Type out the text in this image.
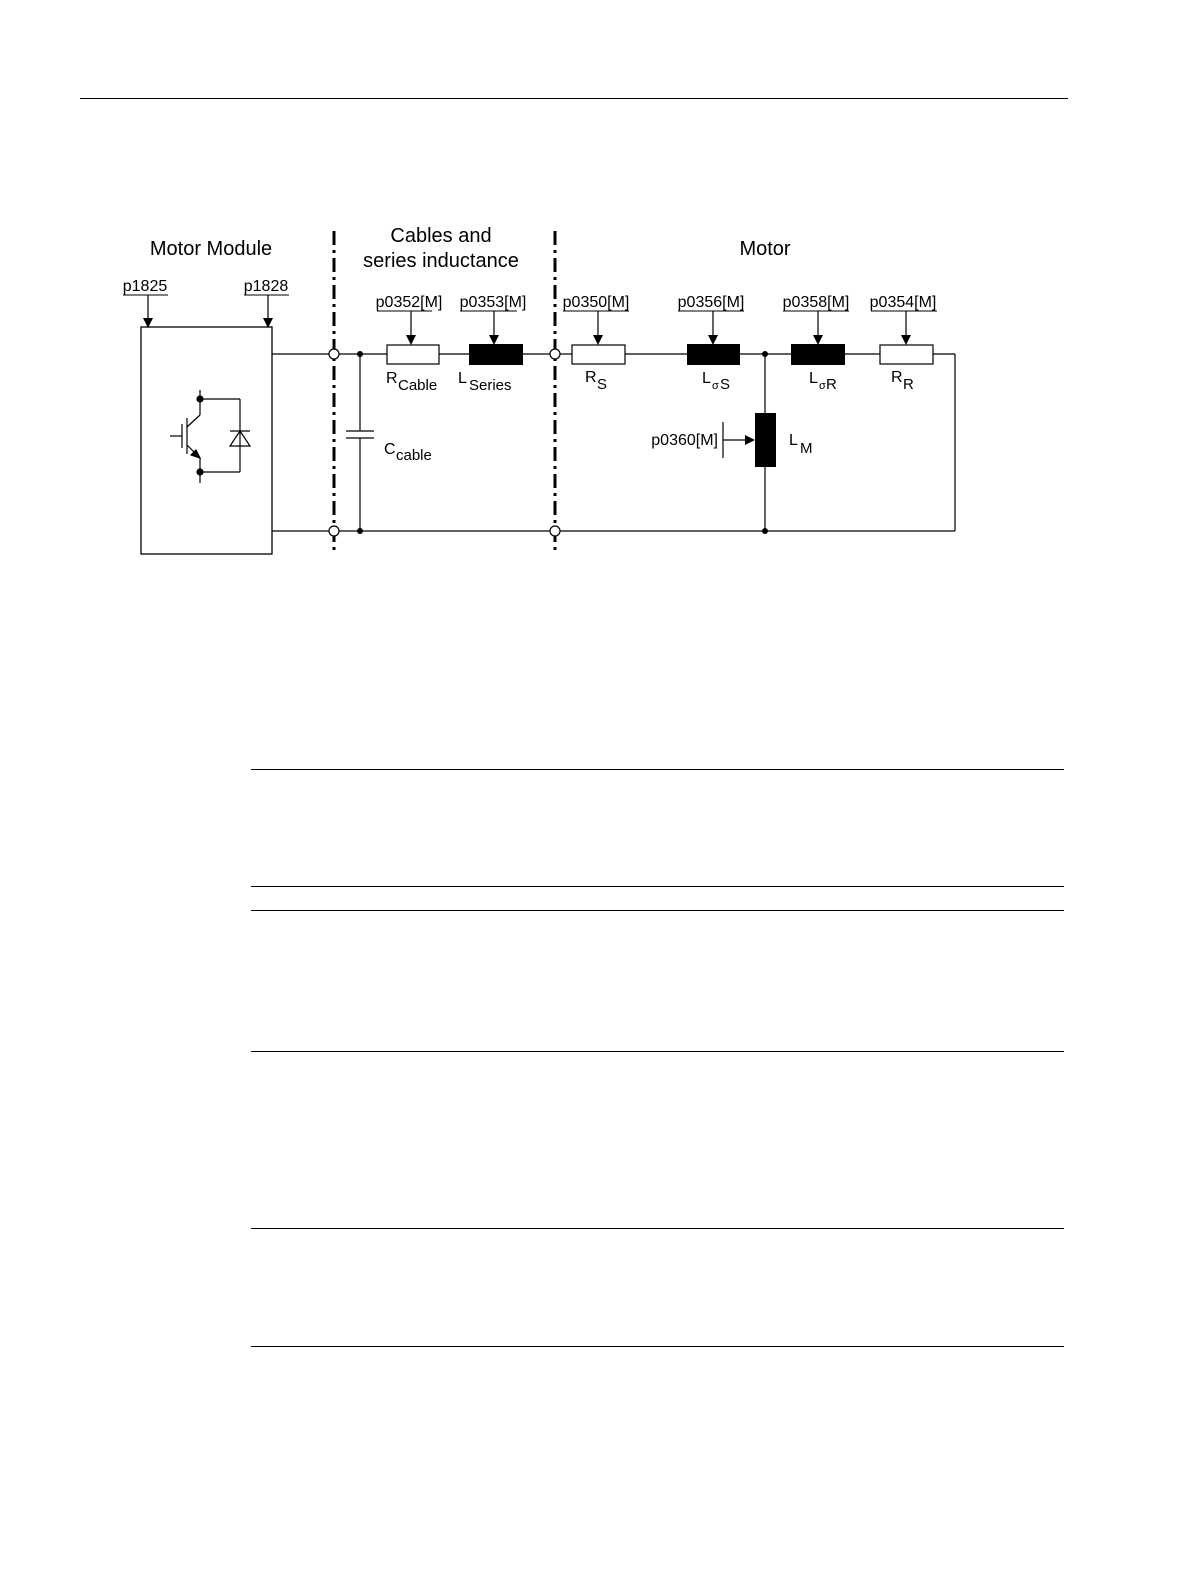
Motor Module
Cables and
series inductance
Motor
p1825	p1828
C cable
p0352[M]
R Cable
p0353[M]
L Series
p0350[M]
R S
p0356[M]
L σ S
p0358[M]
L σ R
p0354[M]
R R
p0360[M]	L M
